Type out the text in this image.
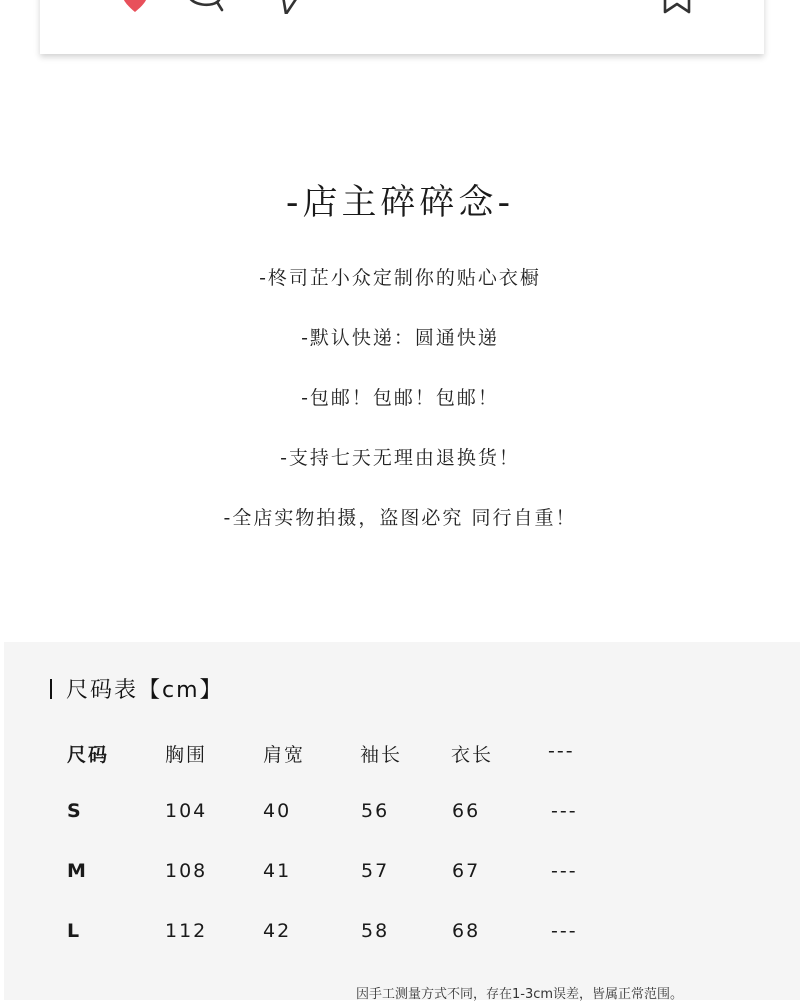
-店主碎碎念-
-柊司芷小众定制你的贴心衣橱
-默认快递：圆通快递
-包邮！包邮！包邮！
-支持七天无理由退换货！
-全店实物拍摄，盗图必究 同行自重！
尺码表【cm】
尺码	胸围	肩宽	袖长	衣长	---
S	104	40	56	66	---
M	108	41	57	67	---
L	112	42	58	68	---
因手工测量方式不同，存在1-3cm误差，皆属正常范围。
